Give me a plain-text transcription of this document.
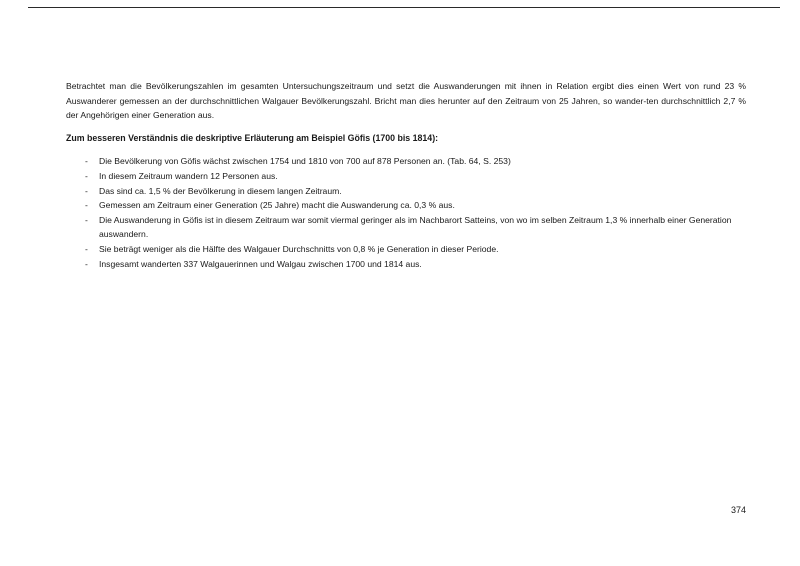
Betrachtet man die Bevölkerungszahlen im gesamten Untersuchungszeitraum und setzt die Auswanderungen mit ihnen in Relation ergibt dies einen Wert von rund 23 % Auswanderer gemessen an der durchschnittlichen Walgauer Bevölkerungszahl. Bricht man dies herunter auf den Zeitraum von 25 Jahren, so wander-ten durchschnittlich 2,7 % der Angehörigen einer Generation aus.

Zum besseren Verständnis die deskriptive Erläuterung am Beispiel Göfis (1700 bis 1814):

- Die Bevölkerung von Göfis wächst zwischen 1754 und 1810 von 700 auf 878 Personen an. (Tab. 64, S. 253)
- In diesem Zeitraum wandern 12 Personen aus.
- Das sind ca. 1,5 % der Bevölkerung in diesem langen Zeitraum.
- Gemessen am Zeitraum einer Generation (25 Jahre) macht die Auswanderung ca. 0,3 % aus.
- Die Auswanderung in Göfis ist in diesem Zeitraum war somit viermal geringer als im Nachbarort Satteins, von wo im selben Zeitraum 1,3 % innerhalb einer Generation auswandern.
- Sie beträgt weniger als die Hälfte des Walgauer Durchschnitts von 0,8 % je Generation in dieser Periode.
- Insgesamt wanderten 337 Walgauerinnen und Walgau zwischen 1700 und 1814 aus.
374
